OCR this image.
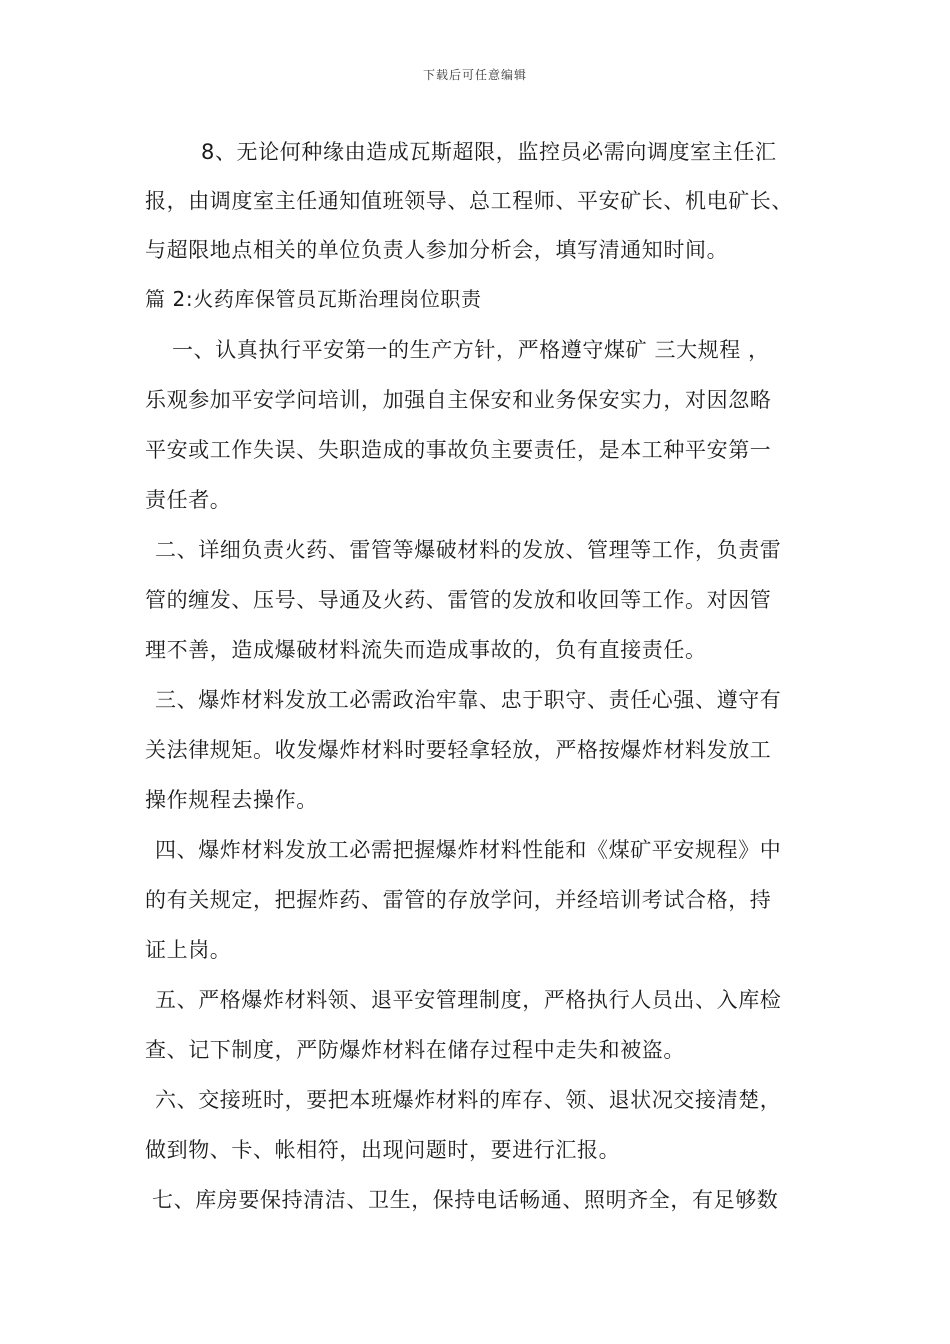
下载后可任意编辑
8、无论何种缘由造成瓦斯超限，监控员必需向调度室主任汇
报，由调度室主任通知值班领导、总工程师、平安矿长、机电矿长、
与超限地点相关的单位负责人参加分析会，填写清通知时间。
篇 2:火药库保管员瓦斯治理岗位职责
一、认真执行平安第一的生产方针，严格遵守煤矿 三大规程 ，
乐观参加平安学问培训，加强自主保安和业务保安实力，对因忽略
平安或工作失误、失职造成的事故负主要责任，是本工种平安第一
责任者。
二、详细负责火药、雷管等爆破材料的发放、管理等工作，负责雷
管的缠发、压号、导通及火药、雷管的发放和收回等工作。对因管
理不善，造成爆破材料流失而造成事故的，负有直接责任。
三、爆炸材料发放工必需政治牢靠、忠于职守、责任心强、遵守有
关法律规矩。收发爆炸材料时要轻拿轻放，严格按爆炸材料发放工
操作规程去操作。
四、爆炸材料发放工必需把握爆炸材料性能和《煤矿平安规程》中
的有关规定，把握炸药、雷管的存放学问，并经培训考试合格，持
证上岗。
五、严格爆炸材料领、退平安管理制度，严格执行人员出、入库检
查、记下制度，严防爆炸材料在储存过程中走失和被盗。
六、交接班时，要把本班爆炸材料的库存、领、退状况交接清楚，
做到物、卡、帐相符，出现问题时，要进行汇报。
七、库房要保持清洁、卫生，保持电话畅通、照明齐全，有足够数
